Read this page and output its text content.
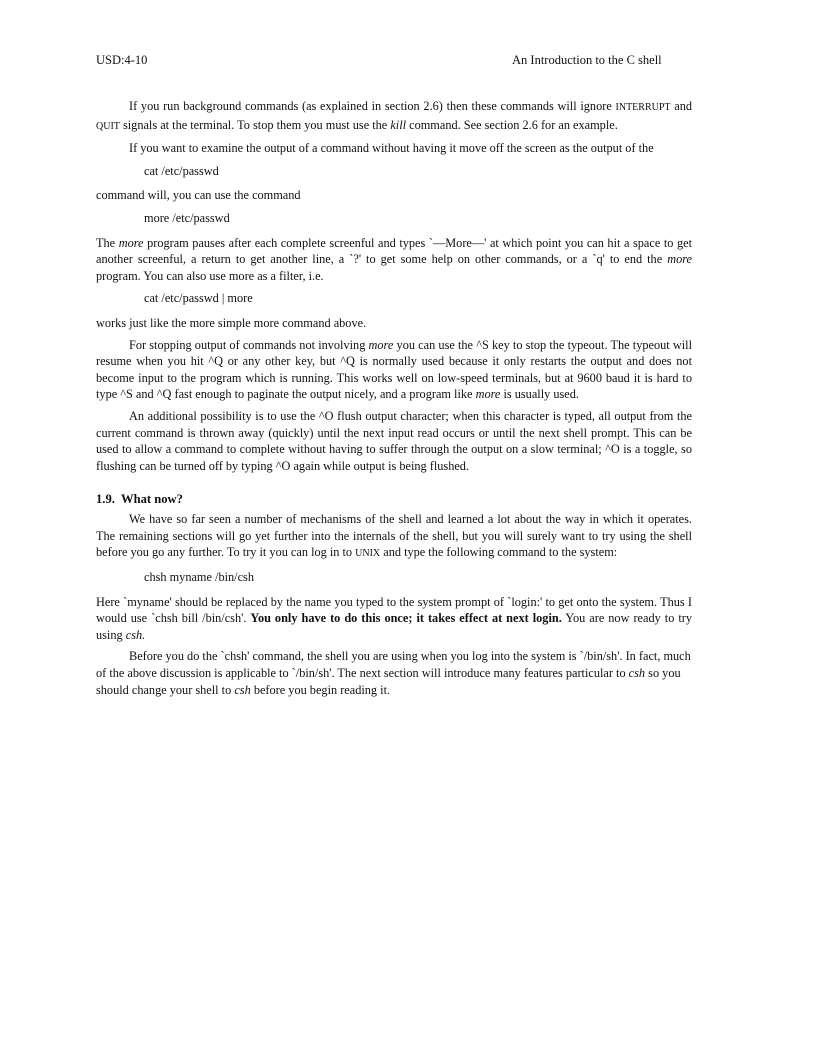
USD:4-10	An Introduction to the C shell

If you run background commands (as explained in section 2.6) then these commands will ignore INTERRUPT and QUIT signals at the terminal. To stop them you must use the kill command. See section 2.6 for an example.

If you want to examine the output of a command without having it move off the screen as the output of the

cat /etc/passwd

command will, you can use the command

more /etc/passwd

The more program pauses after each complete screenful and types `—More—' at which point you can hit a space to get another screenful, a return to get another line, a `?' to get some help on other commands, or a `q' to end the more program. You can also use more as a filter, i.e.

cat /etc/passwd | more

works just like the more simple more command above.

For stopping output of commands not involving more you can use the ^S key to stop the typeout. The typeout will resume when you hit ^Q or any other key, but ^Q is normally used because it only restarts the output and does not become input to the program which is running. This works well on low-speed terminals, but at 9600 baud it is hard to type ^S and ^Q fast enough to paginate the output nicely, and a program like more is usually used.

An additional possibility is to use the ^O flush output character; when this character is typed, all output from the current command is thrown away (quickly) until the next input read occurs or until the next shell prompt. This can be used to allow a command to complete without having to suffer through the output on a slow terminal; ^O is a toggle, so flushing can be turned off by typing ^O again while output is being flushed.

1.9. What now?

We have so far seen a number of mechanisms of the shell and learned a lot about the way in which it operates. The remaining sections will go yet further into the internals of the shell, but you will surely want to try using the shell before you go any further. To try it you can log in to UNIX and type the following command to the system:

chsh myname /bin/csh

Here `myname' should be replaced by the name you typed to the system prompt of `login:' to get onto the system. Thus I would use `chsh bill /bin/csh'. You only have to do this once; it takes effect at next login. You are now ready to try using csh.

Before you do the `chsh' command, the shell you are using when you log into the system is `/bin/sh'. In fact, much of the above discussion is applicable to `/bin/sh'. The next section will introduce many features particular to csh so you should change your shell to csh before you begin reading it.
